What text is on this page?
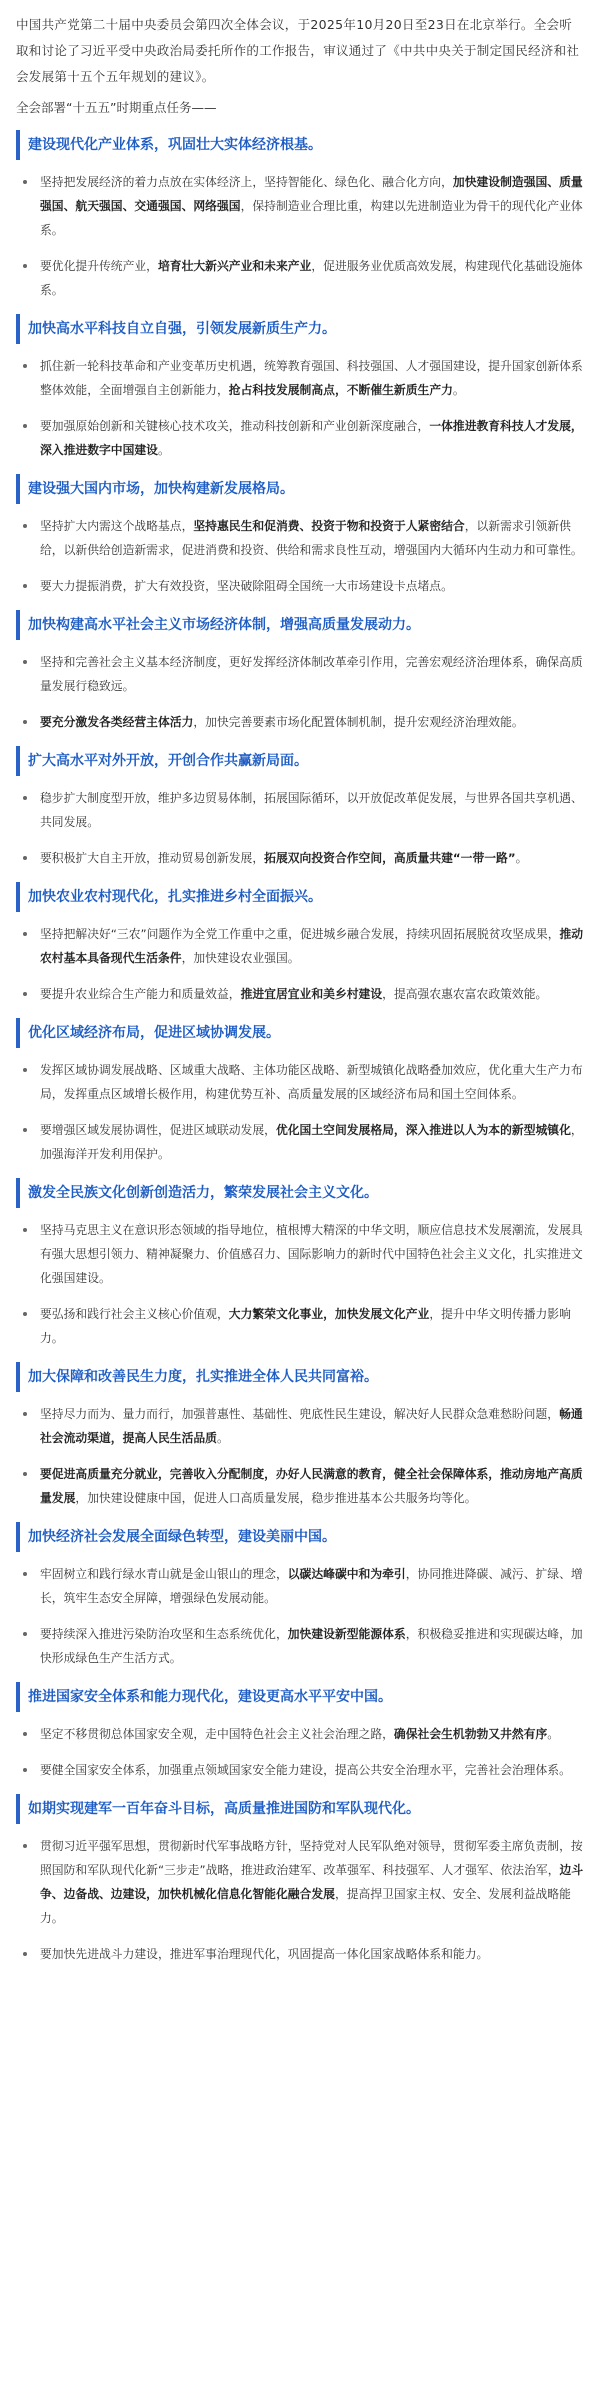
中国共产党第二十届中央委员会第四次全体会议，于2025年10月20日至23日在北京举行。全会听取和讨论了习近平受中央政治局委托所作的工作报告，审议通过了《中共中央关于制定国民经济和社会发展第十五个五年规划的建议》。

全会部署“十五五”时期重点任务——

建设现代化产业体系，巩固壮大实体经济根基。

坚持把发展经济的着力点放在实体经济上，坚持智能化、绿色化、融合化方向，加快建设制造强国、质量强国、航天强国、交通强国、网络强国，保持制造业合理比重，构建以先进制造业为骨干的现代化产业体系。

要优化提升传统产业，培育壮大新兴产业和未来产业，促进服务业优质高效发展，构建现代化基础设施体系。

加快高水平科技自立自强，引领发展新质生产力。

抓住新一轮科技革命和产业变革历史机遇，统筹教育强国、科技强国、人才强国建设，提升国家创新体系整体效能，全面增强自主创新能力，抢占科技发展制高点，不断催生新质生产力。

要加强原始创新和关键核心技术攻关，推动科技创新和产业创新深度融合，一体推进教育科技人才发展，深入推进数字中国建设。

建设强大国内市场，加快构建新发展格局。

坚持扩大内需这个战略基点，坚持惠民生和促消费、投资于物和投资于人紧密结合，以新需求引领新供给，以新供给创造新需求，促进消费和投资、供给和需求良性互动，增强国内大循环内生动力和可靠性。

要大力提振消费，扩大有效投资，坚决破除阻碍全国统一大市场建设卡点堵点。

加快构建高水平社会主义市场经济体制，增强高质量发展动力。

坚持和完善社会主义基本经济制度，更好发挥经济体制改革牵引作用，完善宏观经济治理体系，确保高质量发展行稳致远。

要充分激发各类经营主体活力，加快完善要素市场化配置体制机制，提升宏观经济治理效能。

扩大高水平对外开放，开创合作共赢新局面。

稳步扩大制度型开放，维护多边贸易体制，拓展国际循环，以开放促改革促发展，与世界各国共享机遇、共同发展。

要积极扩大自主开放，推动贸易创新发展，拓展双向投资合作空间，高质量共建“一带一路”。

加快农业农村现代化，扎实推进乡村全面振兴。

坚持把解决好“三农”问题作为全党工作重中之重，促进城乡融合发展，持续巩固拓展脱贫攻坚成果，推动农村基本具备现代生活条件，加快建设农业强国。

要提升农业综合生产能力和质量效益，推进宜居宜业和美乡村建设，提高强农惠农富农政策效能。

优化区域经济布局，促进区域协调发展。

发挥区域协调发展战略、区域重大战略、主体功能区战略、新型城镇化战略叠加效应，优化重大生产力布局，发挥重点区域增长极作用，构建优势互补、高质量发展的区域经济布局和国土空间体系。

要增强区域发展协调性，促进区域联动发展，优化国土空间发展格局，深入推进以人为本的新型城镇化，加强海洋开发利用保护。

激发全民族文化创新创造活力，繁荣发展社会主义文化。

坚持马克思主义在意识形态领域的指导地位，植根博大精深的中华文明，顺应信息技术发展潮流，发展具有强大思想引领力、精神凝聚力、价值感召力、国际影响力的新时代中国特色社会主义文化，扎实推进文化强国建设。

要弘扬和践行社会主义核心价值观，大力繁荣文化事业，加快发展文化产业，提升中华文明传播力影响力。

加大保障和改善民生力度，扎实推进全体人民共同富裕。

坚持尽力而为、量力而行，加强普惠性、基础性、兜底性民生建设，解决好人民群众急难愁盼问题，畅通社会流动渠道，提高人民生活品质。

要促进高质量充分就业，完善收入分配制度，办好人民满意的教育，健全社会保障体系，推动房地产高质量发展，加快建设健康中国，促进人口高质量发展，稳步推进基本公共服务均等化。

加快经济社会发展全面绿色转型，建设美丽中国。

牢固树立和践行绿水青山就是金山银山的理念，以碳达峰碳中和为牵引，协同推进降碳、减污、扩绿、增长，筑牢生态安全屏障，增强绿色发展动能。

要持续深入推进污染防治攻坚和生态系统优化，加快建设新型能源体系，积极稳妥推进和实现碳达峰，加快形成绿色生产生活方式。

推进国家安全体系和能力现代化，建设更高水平平安中国。

坚定不移贯彻总体国家安全观，走中国特色社会主义社会治理之路，确保社会生机勃勃又井然有序。

要健全国家安全体系，加强重点领域国家安全能力建设，提高公共安全治理水平，完善社会治理体系。

如期实现建军一百年奋斗目标，高质量推进国防和军队现代化。

贯彻习近平强军思想，贯彻新时代军事战略方针，坚持党对人民军队绝对领导，贯彻军委主席负责制，按照国防和军队现代化新“三步走”战略，推进政治建军、改革强军、科技强军、人才强军、依法治军，边斗争、边备战、边建设，加快机械化信息化智能化融合发展，提高捍卫国家主权、安全、发展利益战略能力。

要加快先进战斗力建设，推进军事治理现代化，巩固提高一体化国家战略体系和能力。
